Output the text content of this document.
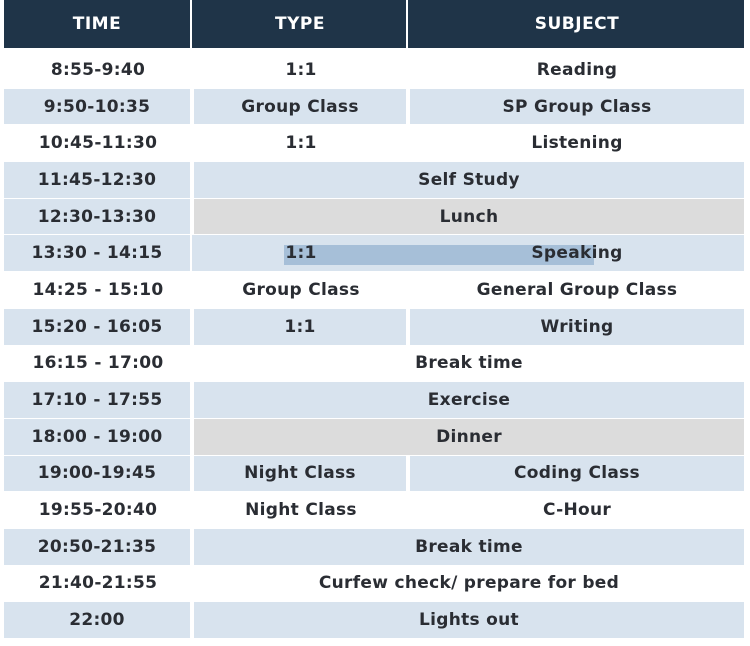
TIME	TYPE	SUBJECT
8:55-9:40	1:1	Reading
9:50-10:35	Group Class	SP Group Class
10:45-11:30	1:1	Listening
11:45-12:30	Self Study
12:30-13:30	Lunch
13:30 - 14:15	1:1	Speaking
14:25 - 15:10	Group Class	General Group Class
15:20 - 16:05	1:1	Writing
16:15 - 17:00	Break time
17:10 - 17:55	Exercise
18:00 - 19:00	Dinner
19:00-19:45	Night Class	Coding Class
19:55-20:40	Night Class	C-Hour
20:50-21:35	Break time
21:40-21:55	Curfew check/ prepare for bed
22:00	Lights out
